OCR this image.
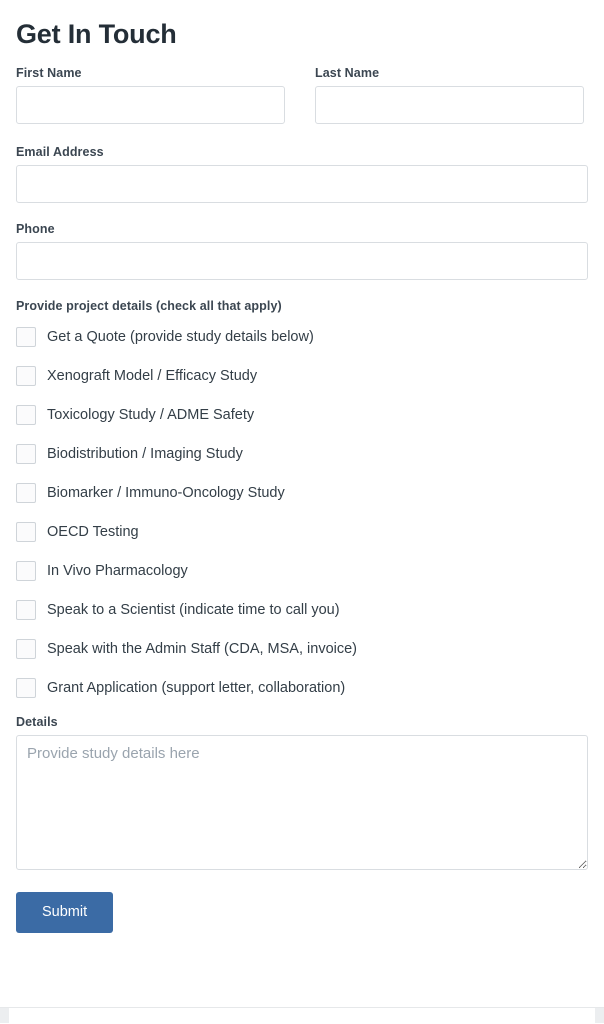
Get In Touch
First Name	Last Name
Email Address
Phone
Provide project details (check all that apply)
Get a Quote (provide study details below)
Xenograft Model / Efficacy Study
Toxicology Study / ADME Safety
Biodistribution / Imaging Study
Biomarker / Immuno-Oncology Study
OECD Testing
In Vivo Pharmacology
Speak to a Scientist (indicate time to call you)
Speak with the Admin Staff (CDA, MSA, invoice)
Grant Application (support letter, collaboration)
Details
Provide study details here
Submit
